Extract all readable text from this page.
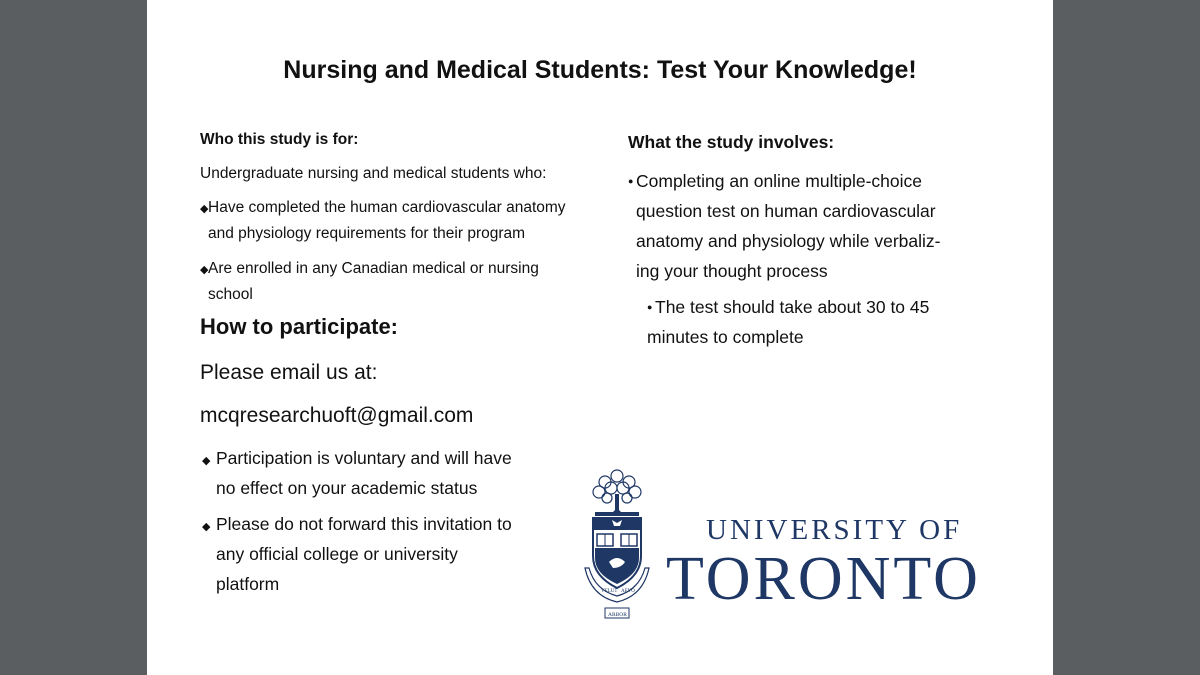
Nursing and Medical Students: Test Your Knowledge!
Who this study is for:
Undergraduate nursing and medical students who:
◆ Have completed the human cardiovascular anatomy
and physiology requirements for their program
◆ Are enrolled in any Canadian medical or nursing
school
How to participate:
Please email us at:
mcqresearchuoft@gmail.com
◆ Participation is voluntary and will have
no effect on your academic status
◆ Please do not forward this invitation to
any official college or university
platform
What the study involves:
● Completing an online multiple-choice
question test on human cardiovascular
anatomy and physiology while verbaliz-
ing your thought process
● The test should take about 30 to 45
minutes to complete
VELUT AEVO
ARBOR
UNIVERSITY OF
TORONTO
